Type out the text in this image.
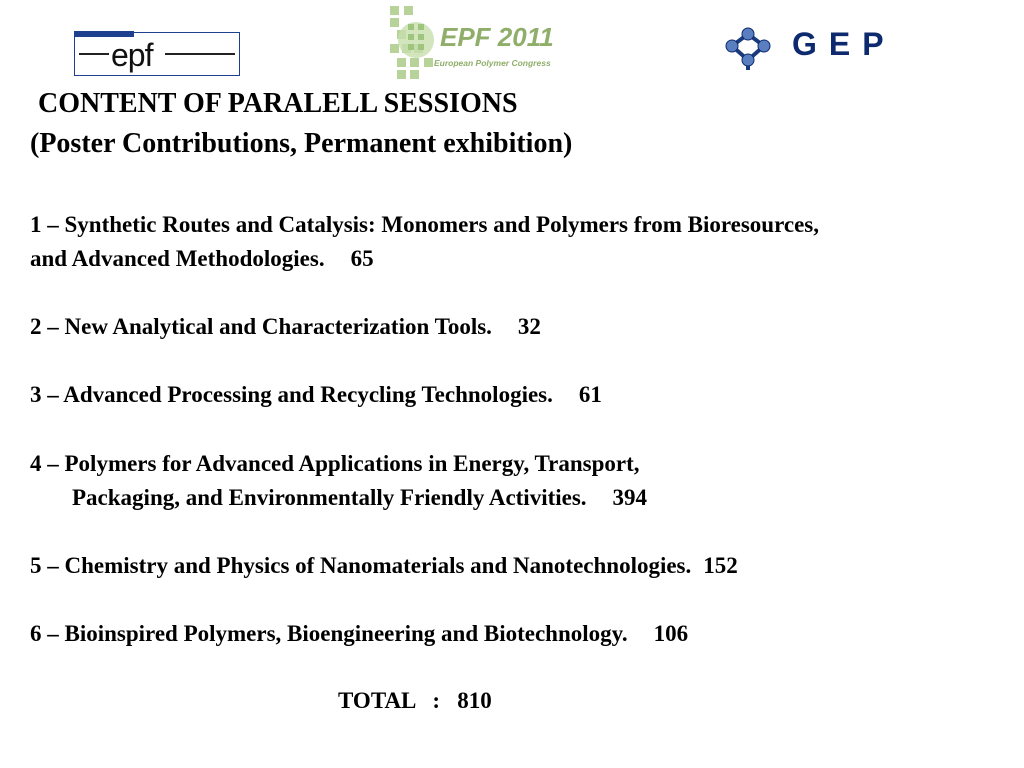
epf	EPF 2011
European Polymer Congress
GEP
CONTENT OF PARALELL SESSIONS
(Poster Contributions, Permanent exhibition)
1 – Synthetic Routes and Catalysis: Monomers and Polymers from Bioresources,
and Advanced Methodologies. 65
2 – New Analytical and Characterization Tools. 32
3 – Advanced Processing and Recycling Technologies. 61
4 – Polymers for Advanced Applications in Energy, Transport,
Packaging, and Environmentally Friendly Activities. 394
5 – Chemistry and Physics of Nanomaterials and Nanotechnologies. 152
6 – Bioinspired Polymers, Bioengineering and Biotechnology. 106
TOTAL   : 810
